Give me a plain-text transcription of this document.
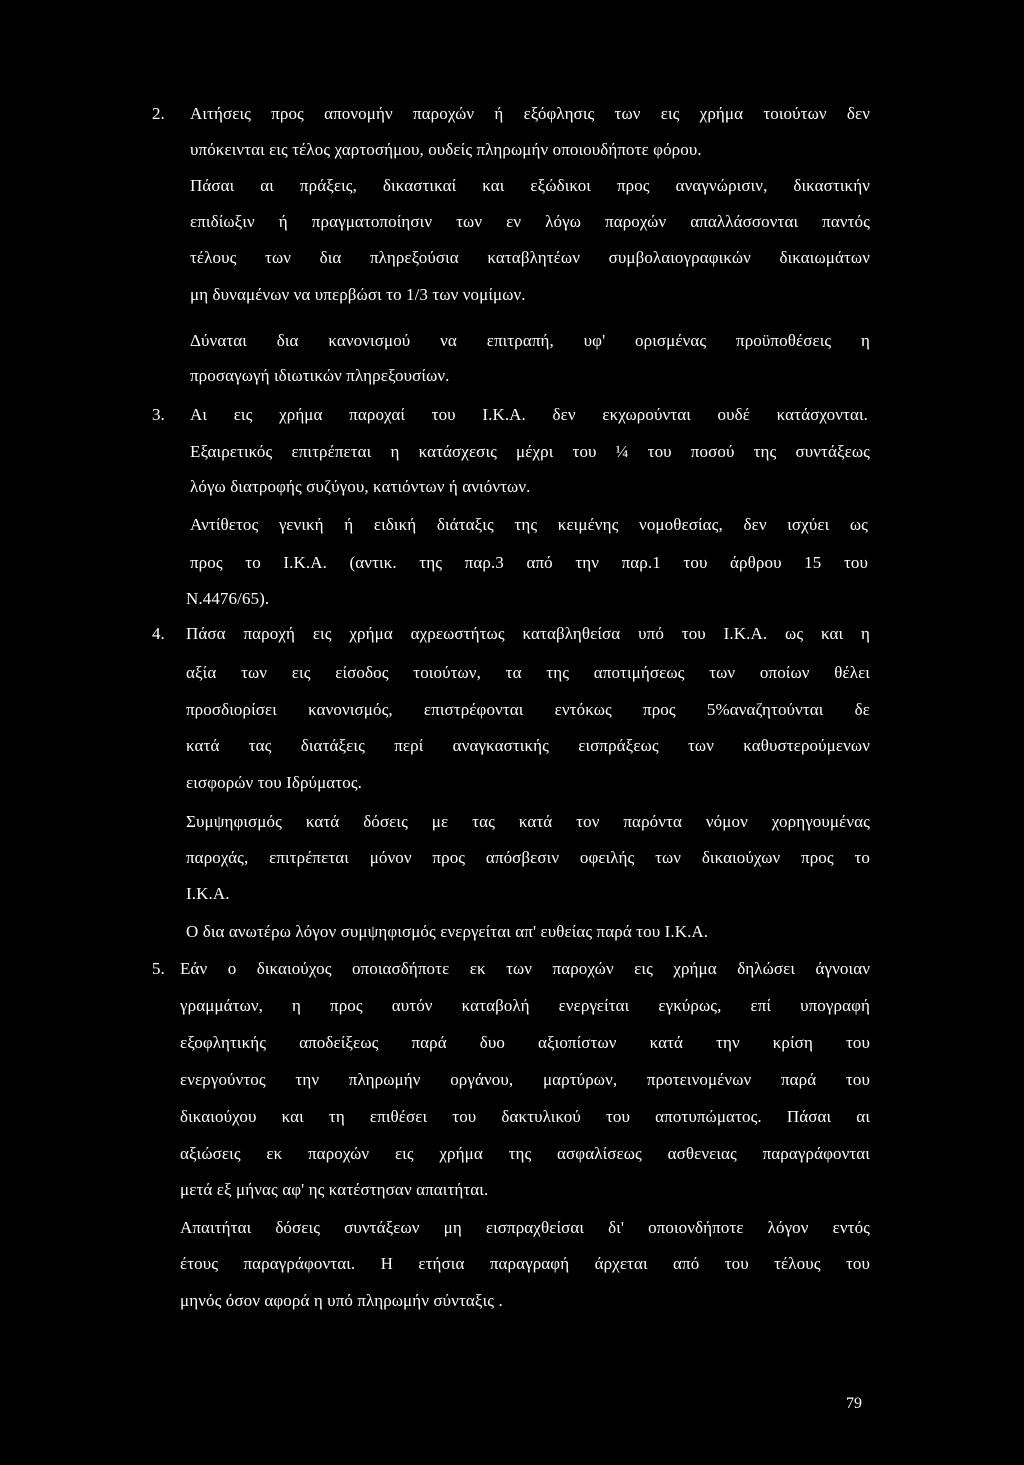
2. Αιτήσεις προς απονομήν παροχών ή εξόφλησις των εις χρήμα τοιούτων δεν
υπόκεινται εις τέλος χαρτοσήμου, ουδείς πληρωμήν οποιουδήποτε φόρου.
Πάσαι αι πράξεις, δικαστικαί και εξώδικοι προς αναγνώρισιν, δικαστικήν
επιδίωξιν ή πραγματοποίησιν των εν λόγω παροχών απαλλάσσονται παντός
τέλους των δια πληρεξούσια καταβλητέων συμβολαιογραφικών δικαιωμάτων
μη δυναμένων να υπερβώσι το 1/3 των νομίμων.
Δύναται δια κανονισμού να επιτραπή, υφ' ορισμένας προϋποθέσεις η
προσαγωγή ιδιωτικών πληρεξουσίων.
3. Αι εις χρήμα παροχαί του Ι.Κ.Α. δεν εκχωρούνται ουδέ κατάσχονται.
Εξαιρετικός επιτρέπεται η κατάσχεσις μέχρι του ¼ του ποσού της συντάξεως
λόγω διατροφής συζύγου, κατιόντων ή ανιόντων.
Αντίθετος γενική ή ειδική διάταξις της κειμένης νομοθεσίας, δεν ισχύει ως
προς το Ι.Κ.Α. (αντικ. της παρ.3 από την παρ.1 του άρθρου 15 του
Ν.4476/65).
4. Πάσα παροχή εις χρήμα αχρεωστήτως καταβληθείσα υπό του Ι.Κ.Α. ως και η
αξία των εις είσοδος τοιούτων, τα της αποτιμήσεως των οποίων θέλει
προσδιορίσει κανονισμός, επιστρέφονται εντόκως προς 5%αναζητούνται δε
κατά τας διατάξεις περί αναγκαστικής εισπράξεως των καθυστερούμενων
εισφορών του Ιδρύματος.
Συμψηφισμός κατά δόσεις με τας κατά τον παρόντα νόμον χορηγουμένας
παροχάς, επιτρέπεται μόνον προς απόσβεσιν οφειλής των δικαιούχων προς το
Ι.Κ.Α.
Ο δια ανωτέρω λόγον συμψηφισμός ενεργείται απ' ευθείας παρά του Ι.Κ.Α.
5. Εάν ο δικαιούχος οποιασδήποτε εκ των παροχών εις χρήμα δηλώσει άγνοιαν
γραμμάτων, η προς αυτόν καταβολή ενεργείται εγκύρως, επί υπογραφή
εξοφλητικής αποδείξεως παρά δυο αξιοπίστων κατά την κρίση του
ενεργούντος την πληρωμήν οργάνου, μαρτύρων, προτεινομένων παρά του
δικαιούχου και τη επιθέσει του δακτυλικού του αποτυπώματος. Πάσαι αι
αξιώσεις εκ παροχών εις χρήμα της ασφαλίσεως ασθενειας παραγράφονται
μετά εξ μήνας αφ' ης κατέστησαν απαιτήται.
Απαιτήται δόσεις συντάξεων μη εισπραχθείσαι δι' οποιονδήποτε λόγον εντός
έτους παραγράφονται. Η ετήσια παραγραφή άρχεται από του τέλους του
μηνός όσον αφορά η υπό πληρωμήν σύνταξις .
79
